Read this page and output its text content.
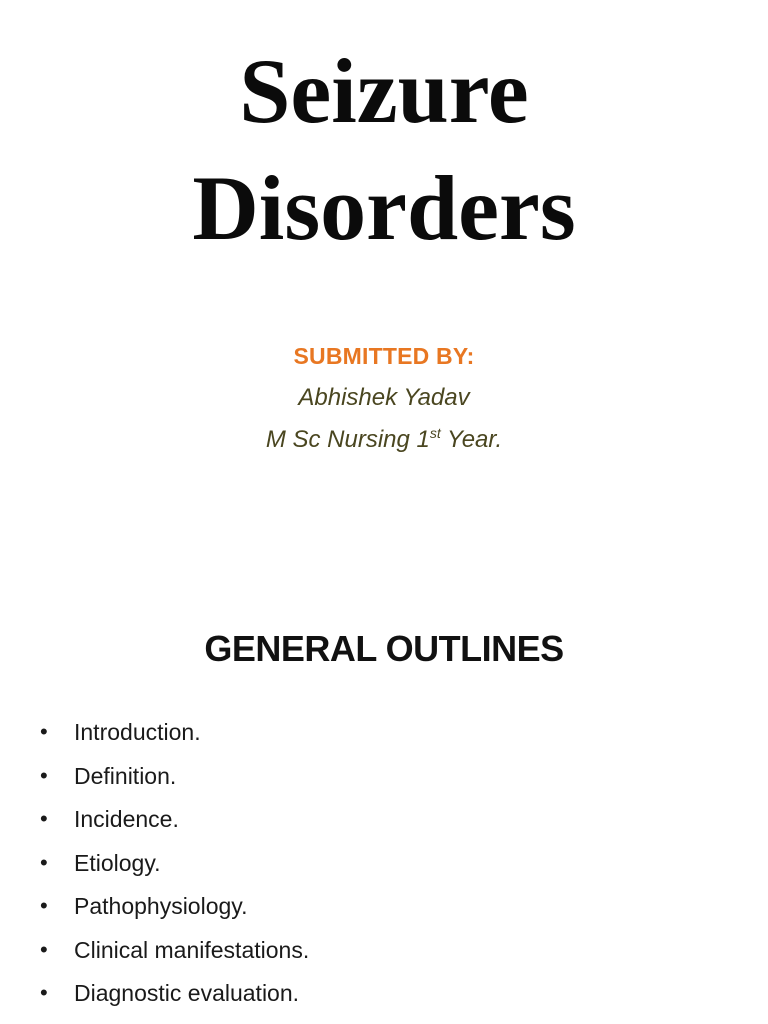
Seizure
Disorders
SUBMITTED BY:
Abhishek Yadav
M Sc Nursing 1st Year.
GENERAL OUTLINES
•	Introduction.
•	Definition.
•	Incidence.
•	Etiology.
•	Pathophysiology.
•	Clinical manifestations.
•	Diagnostic evaluation.
